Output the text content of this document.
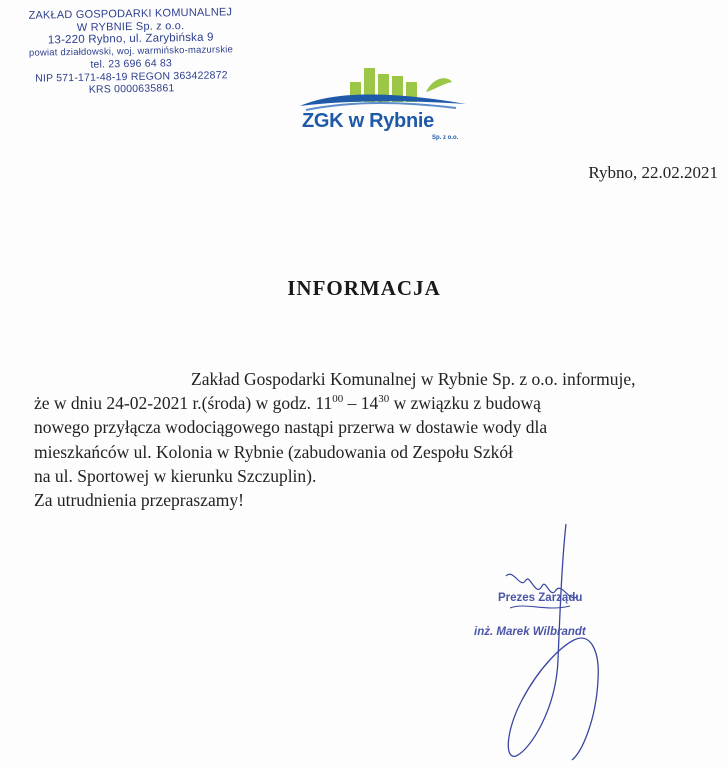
ZAKŁAD GOSPODARKI KOMUNALNEJ
W RYBNIE Sp. z o.o.
13-220 Rybno, ul. Zarybińska 9
powiat działdowski, woj. warmińsko-mazurskie
tel. 23 696 64 83
NIP 571-171-48-19 REGON 363422872
KRS 0000635861
ZGK w Rybnie
Sp. z o.o.
Rybno, 22.02.2021
INFORMACJA

Zakład Gospodarki Komunalnej w Rybnie Sp. z o.o. informuje,

że w dniu 24-02-2021 r.(środa) w godz. $11^{00} - 14^{30}$ w związku z budową

nowego przyłącza wodociągowego nastąpi przerwa w dostawie wody dla

mieszkańców ul. Kolonia w Rybnie (zabudowania od Zespołu Szkół

na ul. Sportowej w kierunku Szczuplin).

Za utrudnienia przepraszamy!

Prezes Zarządu
inż. Marek Wilbrandt
